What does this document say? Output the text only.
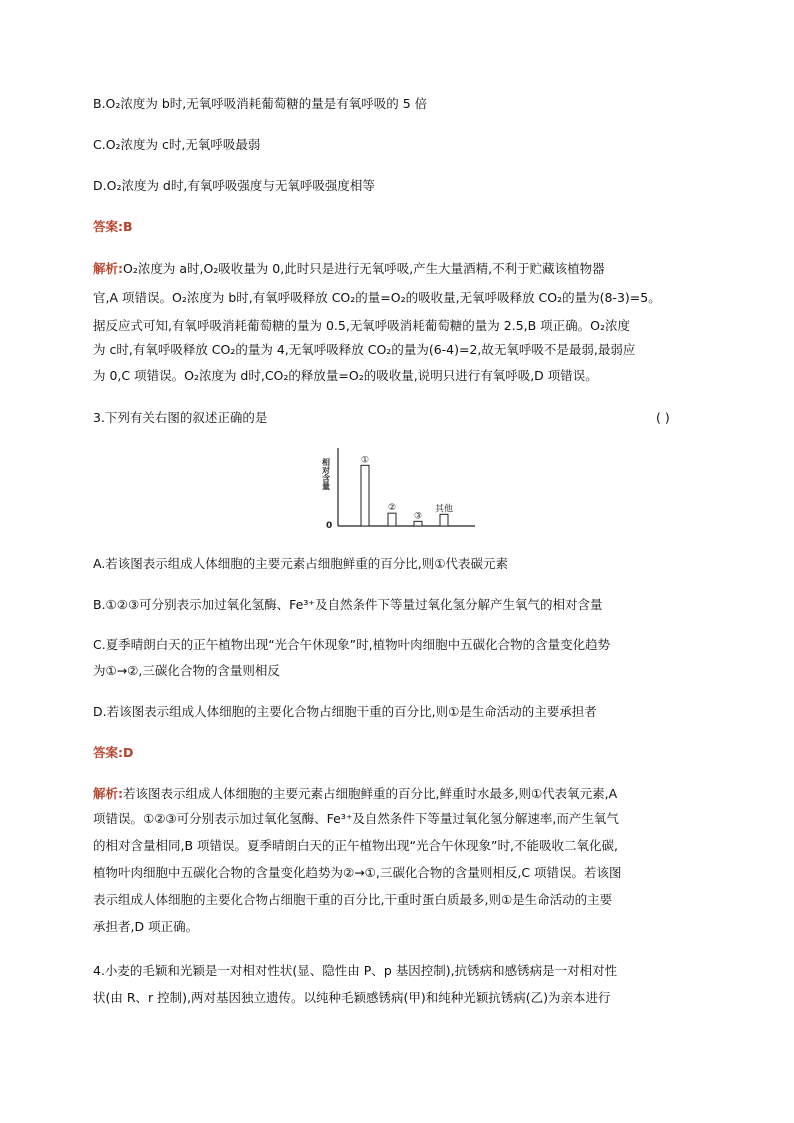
B.O₂浓度为 b时,无氧呼吸消耗葡萄糖的量是有氧呼吸的 5 倍
C.O₂浓度为 c时,无氧呼吸最弱
D.O₂浓度为 d时,有氧呼吸强度与无氧呼吸强度相等
答案:B
解析:O₂浓度为 a时,O₂吸收量为 0,此时只是进行无氧呼吸,产生大量酒精,不利于贮藏该植物器
官,A 项错误。O₂浓度为 b时,有氧呼吸释放 CO₂的量=O₂的吸收量,无氧呼吸释放 CO₂的量为(8-3)=5。
据反应式可知,有氧呼吸消耗葡萄糖的量为 0.5,无氧呼吸消耗葡萄糖的量为 2.5,B 项正确。O₂浓度
为 c时,有氧呼吸释放 CO₂的量为 4,无氧呼吸释放 CO₂的量为(6-4)=2,故无氧呼吸不是最弱,最弱应
为 0,C 项错误。O₂浓度为 d时,CO₂的释放量=O₂的吸收量,说明只进行有氧呼吸,D 项错误。
3.下列有关右图的叙述正确的是	( )
相对含量
0
①
②
③
其他
A.若该图表示组成人体细胞的主要元素占细胞鲜重的百分比,则①代表碳元素
B.①②③可分别表示加过氧化氢酶、Fe³⁺及自然条件下等量过氧化氢分解产生氧气的相对含量
C.夏季晴朗白天的正午植物出现“光合午休现象”时,植物叶肉细胞中五碳化合物的含量变化趋势
为①→②,三碳化合物的含量则相反
D.若该图表示组成人体细胞的主要化合物占细胞干重的百分比,则①是生命活动的主要承担者
答案:D
解析:若该图表示组成人体细胞的主要元素占细胞鲜重的百分比,鲜重时水最多,则①代表氧元素,A
项错误。①②③可分别表示加过氧化氢酶、Fe³⁺及自然条件下等量过氧化氢分解速率,而产生氧气
的相对含量相同,B 项错误。夏季晴朗白天的正午植物出现“光合午休现象”时,不能吸收二氧化碳,
植物叶肉细胞中五碳化合物的含量变化趋势为②→①,三碳化合物的含量则相反,C 项错误。若该图
表示组成人体细胞的主要化合物占细胞干重的百分比,干重时蛋白质最多,则①是生命活动的主要
承担者,D 项正确。
4.小麦的毛颖和光颖是一对相对性状(显、隐性由 P、p 基因控制),抗锈病和感锈病是一对相对性
状(由 R、r 控制),两对基因独立遗传。以纯种毛颖感锈病(甲)和纯种光颖抗锈病(乙)为亲本进行
